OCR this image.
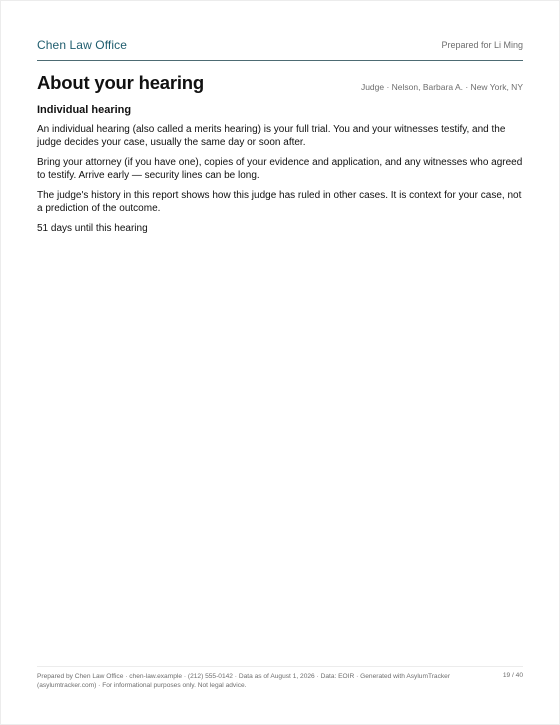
Chen Law Office	Prepared for Li Ming
About your hearing	Judge · Nelson, Barbara A. · New York, NY
Individual hearing

An individual hearing (also called a merits hearing) is your full trial. You and your witnesses testify, and the judge decides your case, usually the same day or soon after.

Bring your attorney (if you have one), copies of your evidence and application, and any witnesses who agreed to testify. Arrive early — security lines can be long.

The judge's history in this report shows how this judge has ruled in other cases. It is context for your case, not a prediction of the outcome.

51 days until this hearing

Prepared by Chen Law Office · chen-law.example · (212) 555-0142 · Data as of August 1, 2026 · Data: EOIR · Generated with AsylumTracker (asylumtracker.com) · For informational purposes only. Not legal advice.
19 / 40
